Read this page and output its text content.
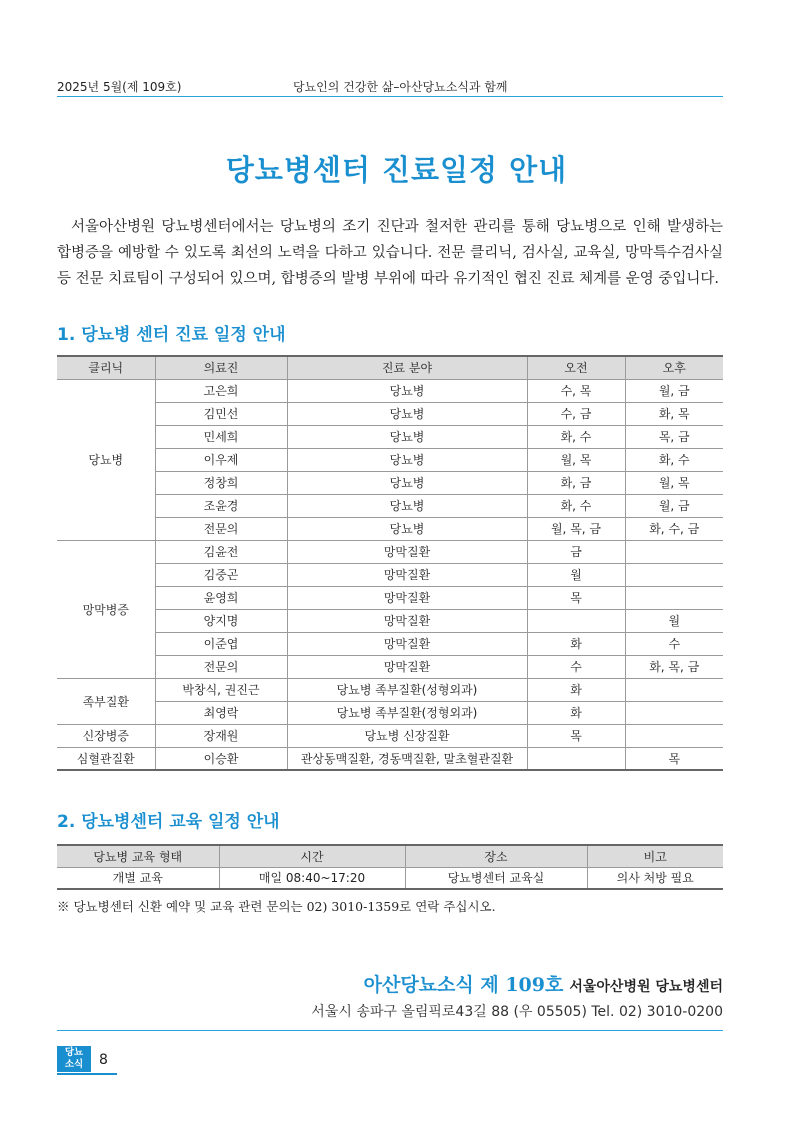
2025년 5월(제 109호)	당뇨인의 건강한 삶–아산당뇨소식과 함께
당뇨병센터 진료일정 안내

서울아산병원 당뇨병센터에서는 당뇨병의 조기 진단과 철저한 관리를 통해 당뇨병으로 인해 발생하는 합병증을 예방할 수 있도록 최선의 노력을 다하고 있습니다. 전문 클리닉, 검사실, 교육실, 망막특수검사실 등 전문 치료팀이 구성되어 있으며, 합병증의 발병 부위에 따라 유기적인 협진 진료 체계를 운영 중입니다.

1. 당뇨병 센터 진료 일정 안내
클리닉	의료진	진료 분야	오전	오후
당뇨병	고은희	당뇨병	수, 목	월, 금
	김민선	당뇨병	수, 금	화, 목
	민세희	당뇨병	화, 수	목, 금
	이우제	당뇨병	월, 목	화, 수
	정창희	당뇨병	화, 금	월, 목
	조윤경	당뇨병	화, 수	월, 금
	전문의	당뇨병	월, 목, 금	화, 수, 금
망막병증	김윤전	망막질환	금	
	김중곤	망막질환	월	
	윤영희	망막질환	목	
	양지명	망막질환		월
	이준엽	망막질환	화	수
	전문의	망막질환	수	화, 목, 금
족부질환	박창식, 권진근	당뇨병 족부질환(성형외과)	화	
	최영락	당뇨병 족부질환(정형외과)	화	
신장병증	장재원	당뇨병 신장질환	목	
심혈관질환	이승환	관상동맥질환, 경동맥질환, 말초혈관질환		목
2. 당뇨병센터 교육 일정 안내
당뇨병 교육 형태	시간	장소	비고
개별 교육	매일 08:40~17:20	당뇨병센터 교육실	의사 처방 필요
※ 당뇨병센터 신환 예약 및 교육 관련 문의는 02) 3010-1359로 연락 주십시오.
아산당뇨소식 제 109호 서울아산병원 당뇨병센터
서울시 송파구 올림픽로43길 88 (우 05505) Tel. 02) 3010-0200
당뇨
소식	8
